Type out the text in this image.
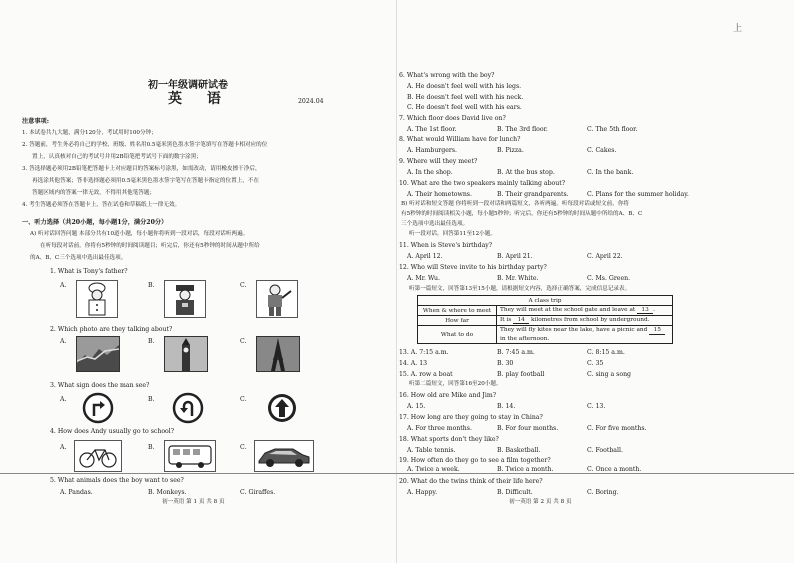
初一年级调研试卷
英 语	2024.04
注意事项:
1. 本试卷共九大题，满分120分，考试用时100分钟；
2. 答题前，考生务必将自己的学校、班级、姓名用0.5毫米黑色墨水签字笔填写在答题卡相对应的位
置上，认真核对自己的考试号并用2B铅笔把考试号下面的数字涂黑；
3. 答选择题必须用2B铅笔把答题卡上对应题目的答案标号涂黑，如需改动，请用橡皮擦干净后，
再选涂其他答案；答非选择题必须用0.5毫米黑色墨水签字笔写在答题卡指定的位置上，不在
答题区域内的答案一律无效，不得用其他笔答题；
4. 考生答题必须答在答题卡上，答在试卷和草稿纸上一律无效。
一、听力选择（共20小题，每小题1分，满分20分）
A) 听对话回答问题 本部分共有10道小题，每小题你将听到一段对话，每段对话听两遍。
在听每段对话前，你将有5秒钟的时间阅读题目；听完后，你还有5秒钟的时间从题中所给
的A、B、C三个选项中选出最佳选项。
1. What is Tony's father?
A.	B.	C.
2. Which photo are they talking about?
A.	B.	C.
3. What sign does the man see?
A.	B.	C.
4. How does Andy usually go to school?
A.	B.	C.
5. What animals does the boy want to see?
A. Pandas.	B. Monkeys.	C. Giraffes.
初一英语 第 1 页 共 8 页
上
6. What's wrong with the boy?
A. He doesn't feel well with his legs.
B. He doesn't feel well with his neck.
C. He doesn't feel well with his ears.
7. Which floor does David live on?
A. The 1st floor.	B. The 3rd floor.	C. The 5th floor.
8. What would William have for lunch?
A. Hamburgers.	B. Pizza.	C. Cakes.
9. Where will they meet?
A. In the shop.	B. At the bus stop.	C. In the bank.
10. What are the two speakers mainly talking about?
A. Their hometowns.	B. Their grandparents.	C. Plans for the summer holiday.
B) 听对话和短文答题 你将听到一段对话和两篇短文，各听两遍。听每段对话或短文前，你将
有5秒钟的时间阅读相关小题，每小题5秒钟；听完后，你还有5秒钟的时间从题中所给的A、B、C
三个选项中选出最佳选项。
听一段对话，回答第11至12小题。
11. When is Steve's birthday?
A. April 12.	B. April 21.	C. April 22.
12. Who will Steve invite to his birthday party?
A. Mr. Wu.	B. Mr. White.	C. Ms. Green.
听第一篇短文，回答第13至15小题，请根据短文内容，选择正确答案，完成信息记录表。
A class trip	
When & where to meet	They will meet at the school gate and leave at 13 .
How far	It is 14 kilometres from school by underground.
What to do	They will fly kites near the lake, have a picnic and 15
in the afternoon.
13. A. 7:15 a.m.	B. 7:45 a.m.	C. 8:15 a.m.
14. A. 13	B. 30	C. 35
15. A. row a boat	B. play football	C. sing a song
听第二篇短文，回答第16至20小题。
16. How old are Mike and Jim?
A. 15.	B. 14.	C. 13.
17. How long are they going to stay in China?
A. For three months.	B. For four months.	C. For five months.
18. What sports don't they like?
A. Table tennis.	B. Basketball.	C. Football.
19. How often do they go to see a film together?
A. Twice a week.	B. Twice a month.	C. Once a month.
20. What do the twins think of their life here?
A. Happy.	B. Difficult.	C. Boring.
初一英语 第 2 页 共 8 页
